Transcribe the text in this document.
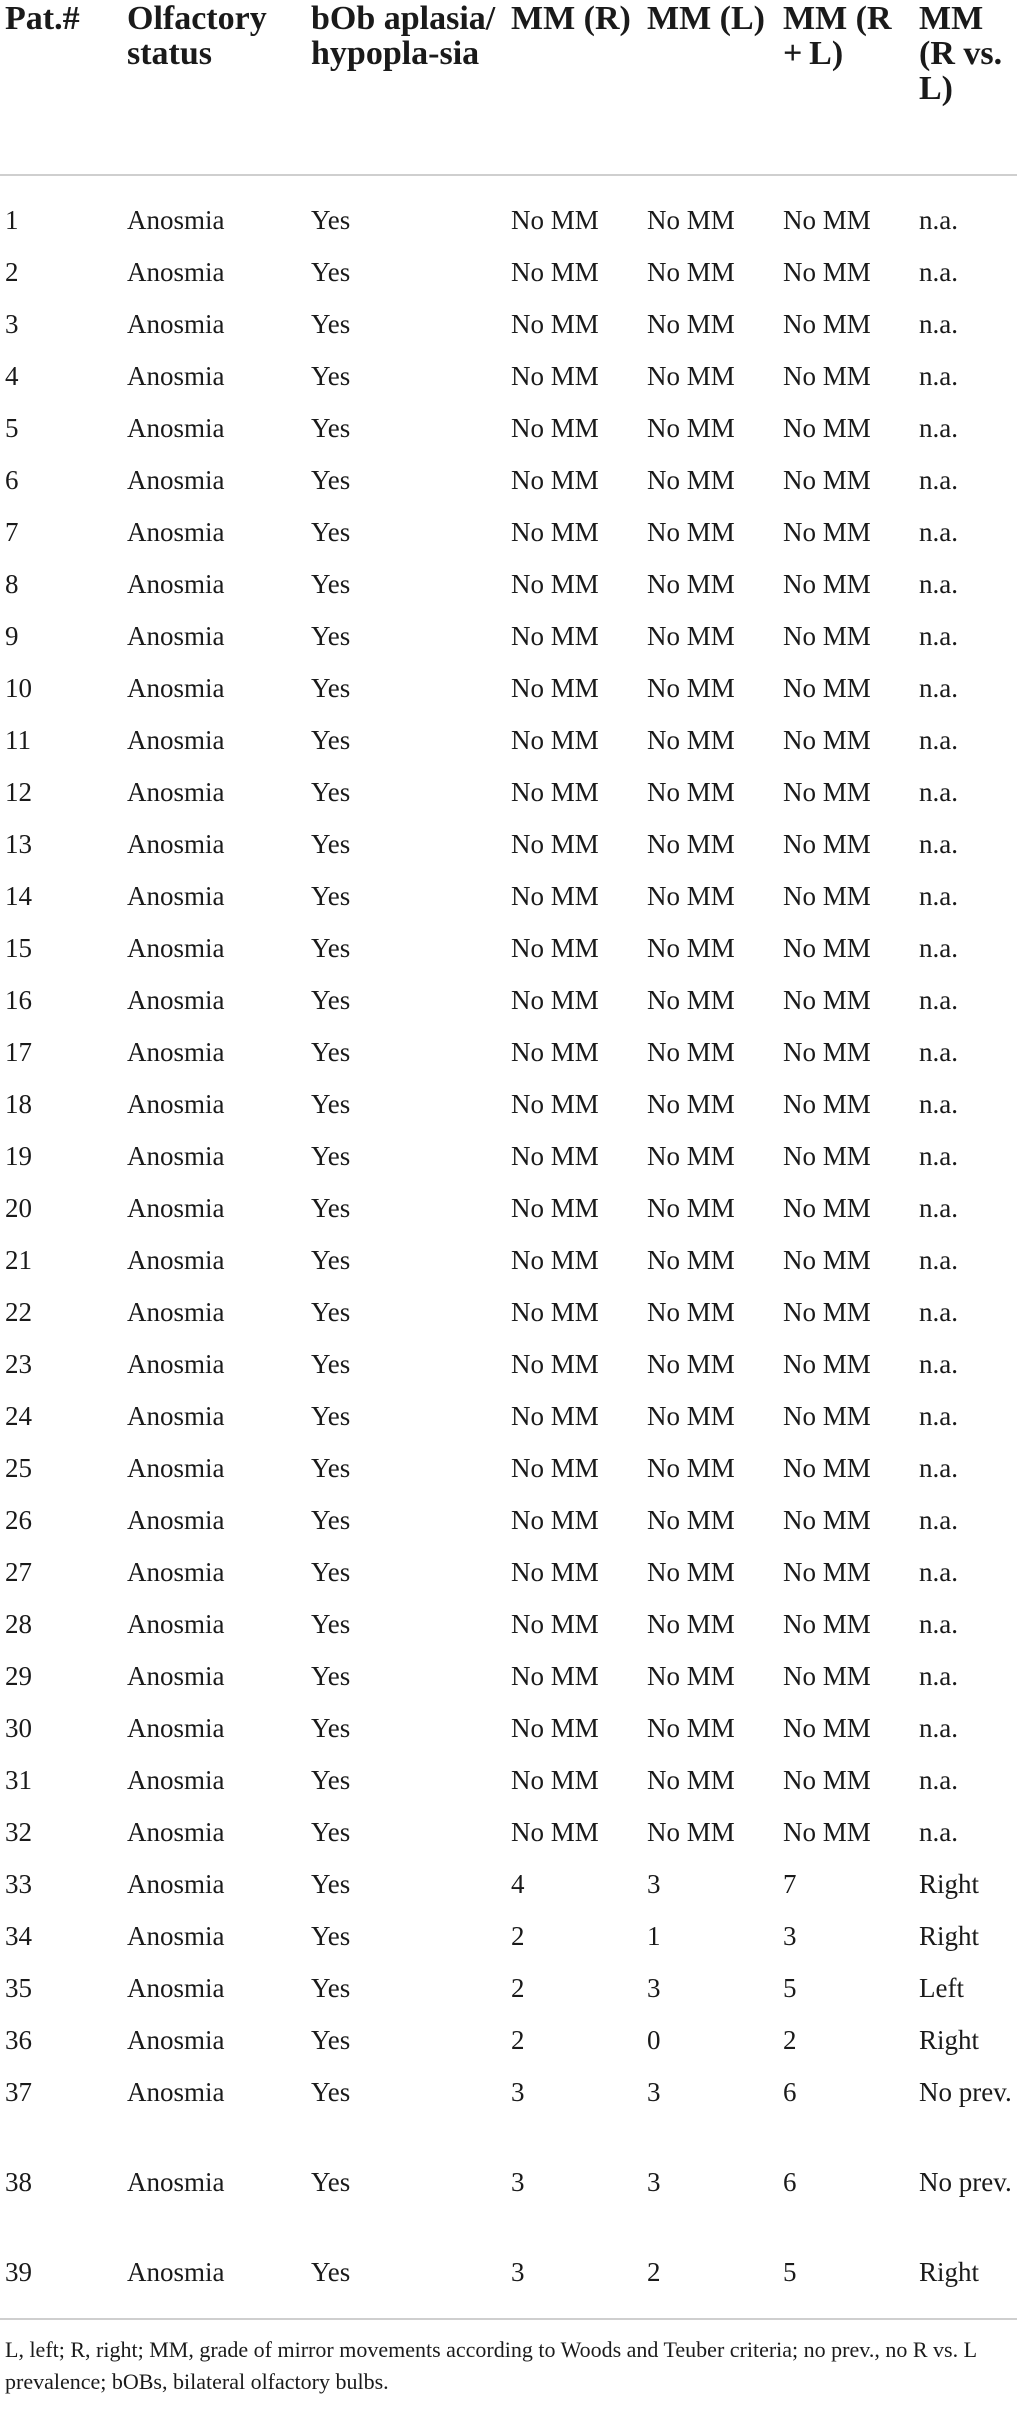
Pat.#	Olfactory status	bOb aplasia/ hypopla-sia	MM (R)	MM (L)	MM (R + L)	MM (R vs. L)

1	Anosmia	Yes	No MM	No MM	No MM	n.a.
2	Anosmia	Yes	No MM	No MM	No MM	n.a.
3	Anosmia	Yes	No MM	No MM	No MM	n.a.
4	Anosmia	Yes	No MM	No MM	No MM	n.a.
5	Anosmia	Yes	No MM	No MM	No MM	n.a.
6	Anosmia	Yes	No MM	No MM	No MM	n.a.
7	Anosmia	Yes	No MM	No MM	No MM	n.a.
8	Anosmia	Yes	No MM	No MM	No MM	n.a.
9	Anosmia	Yes	No MM	No MM	No MM	n.a.
10	Anosmia	Yes	No MM	No MM	No MM	n.a.
11	Anosmia	Yes	No MM	No MM	No MM	n.a.
12	Anosmia	Yes	No MM	No MM	No MM	n.a.
13	Anosmia	Yes	No MM	No MM	No MM	n.a.
14	Anosmia	Yes	No MM	No MM	No MM	n.a.
15	Anosmia	Yes	No MM	No MM	No MM	n.a.
16	Anosmia	Yes	No MM	No MM	No MM	n.a.
17	Anosmia	Yes	No MM	No MM	No MM	n.a.
18	Anosmia	Yes	No MM	No MM	No MM	n.a.
19	Anosmia	Yes	No MM	No MM	No MM	n.a.
20	Anosmia	Yes	No MM	No MM	No MM	n.a.
21	Anosmia	Yes	No MM	No MM	No MM	n.a.
22	Anosmia	Yes	No MM	No MM	No MM	n.a.
23	Anosmia	Yes	No MM	No MM	No MM	n.a.
24	Anosmia	Yes	No MM	No MM	No MM	n.a.
25	Anosmia	Yes	No MM	No MM	No MM	n.a.
26	Anosmia	Yes	No MM	No MM	No MM	n.a.
27	Anosmia	Yes	No MM	No MM	No MM	n.a.
28	Anosmia	Yes	No MM	No MM	No MM	n.a.
29	Anosmia	Yes	No MM	No MM	No MM	n.a.
30	Anosmia	Yes	No MM	No MM	No MM	n.a.
31	Anosmia	Yes	No MM	No MM	No MM	n.a.
32	Anosmia	Yes	No MM	No MM	No MM	n.a.
33	Anosmia	Yes	4	3	7	Right
34	Anosmia	Yes	2	1	3	Right
35	Anosmia	Yes	2	3	5	Left
36	Anosmia	Yes	2	0	2	Right
37	Anosmia	Yes	3	3	6	No prev.
38	Anosmia	Yes	3	3	6	No prev.
39	Anosmia	Yes	3	2	5	Right
L, left; R, right; MM, grade of mirror movements according to Woods and Teuber criteria; no prev., no R vs. L prevalence; bOBs, bilateral olfactory bulbs.
